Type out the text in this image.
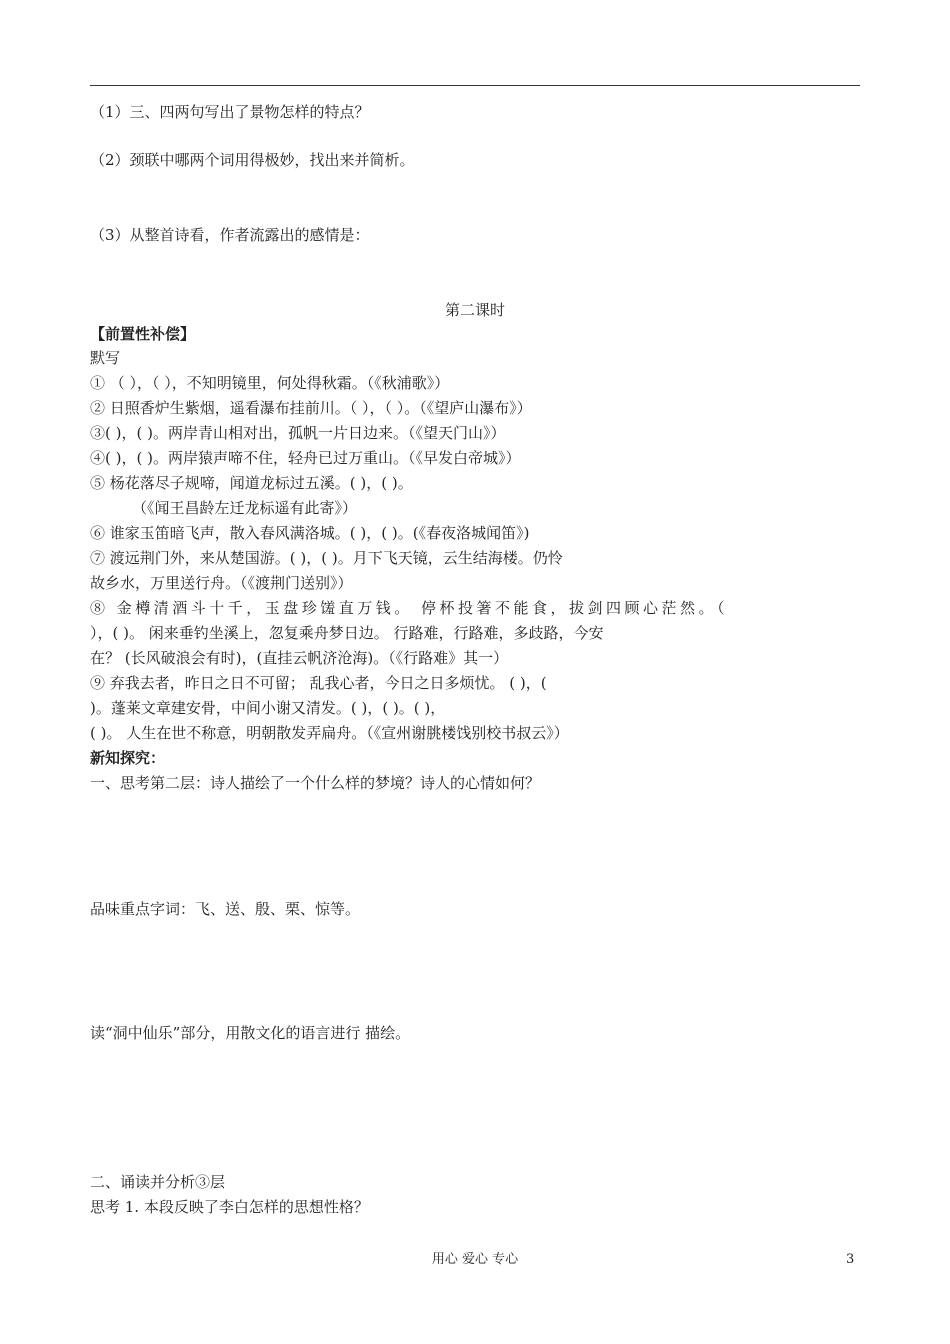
（1）三、四两句写出了景物怎样的特点？
（2）颈联中哪两个词用得极妙，找出来并简析。
（3）从整首诗看，作者流露出的感情是：
第二课时
【前置性补偿】
默写
① （ ），（ ），不知明镜里，何处得秋霜。（《秋浦歌》）
② 日照香炉生紫烟，遥看瀑布挂前川。（ ），（ ）。（《望庐山瀑布》）
③( )，( )。两岸青山相对出，孤帆一片日边来。（《望天门山》）
④( )，( )。两岸猿声啼不住，轻舟已过万重山。（《早发白帝城》）
⑤ 杨花落尽子规啼，闻道龙标过五溪。( )，( )。
（《闻王昌龄左迁龙标遥有此寄》）
⑥ 谁家玉笛暗飞声，散入春风满洛城。( )，( )。(《春夜洛城闻笛》)
⑦ 渡远荆门外，来从楚国游。( )，( )。月下飞天镜，云生结海楼。仍怜
故乡水，万里送行舟。（《渡荆门送别》）
⑧ 金樽清酒斗十千，玉盘珍馐直万钱。 停杯投箸不能食，拔剑四顾心茫然。（
），( )。 闲来垂钓坐溪上，忽复乘舟梦日边。 行路难，行路难，多歧路，今安
在？ (长风破浪会有时)，(直挂云帆济沧海)。（《行路难》其一）
⑨ 弃我去者，昨日之日不可留； 乱我心者，今日之日多烦忧。 ( )，(
)。蓬莱文章建安骨，中间小谢又清发。( )，( )。( )，
( )。 人生在世不称意，明朝散发弄扁舟。（《宣州谢朓楼饯别校书叔云》）
新知探究：
一、思考第二层：诗人描绘了一个什么样的梦境？诗人的心情如何？
品味重点字词：飞、送、殷、栗、惊等。
读“洞中仙乐”部分，用散文化的语言进行 描绘。
二、诵读并分析③层
思考 1. 本段反映了李白怎样的思想性格？
用心 爱心 专心	3
